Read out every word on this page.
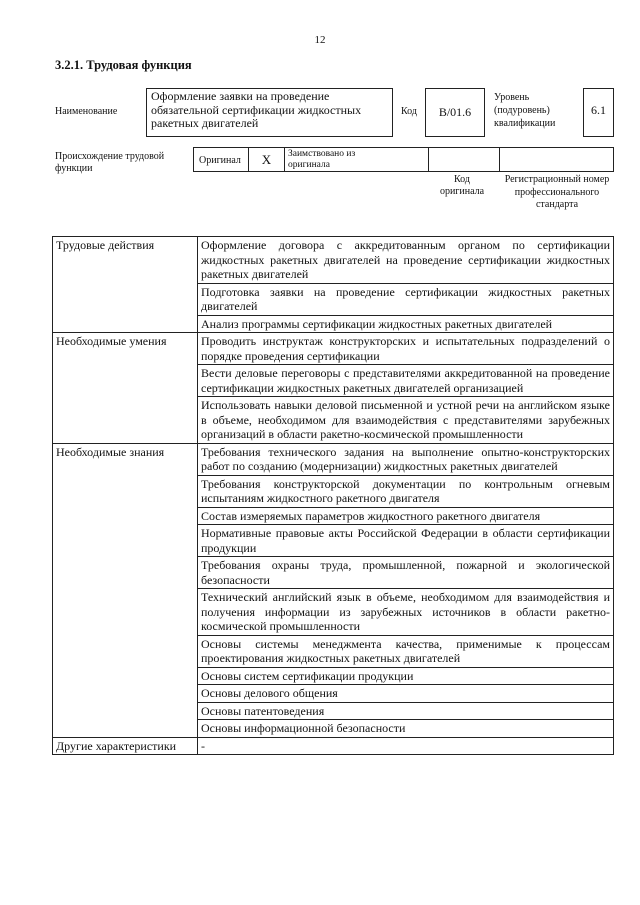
12
3.2.1. Трудовая функция
Наименование
Оформление заявки на проведение обязательной сертификации жидкостных ракетных двигателей
Код	B/01.6
Уровень (подуровень) квалификации
6.1
Происхождение трудовой функции
Оригинал	X	Заимствовано из оригинала
Код оригинала
Регистрационный номер профессионального стандарта
Трудовые действия	Оформление договора с аккредитованным органом по сертификации жидкостных ракетных двигателей на проведение сертификации жидкостных ракетных двигателей
	Подготовка заявки на проведение сертификации жидкостных ракетных двигателей
	Анализ программы сертификации жидкостных ракетных двигателей
Необходимые умения	Проводить инструктаж конструкторских и испытательных подразделений о порядке проведения сертификации
	Вести деловые переговоры с представителями аккредитованной на проведение сертификации жидкостных ракетных двигателей организацией
	Использовать навыки деловой письменной и устной речи на английском языке в объеме, необходимом для взаимодействия с представителями зарубежных организаций в области ракетно-космической промышленности
Необходимые знания	Требования технического задания на выполнение опытно-конструкторских работ по созданию (модернизации) жидкостных ракетных двигателей
	Требования конструкторской документации по контрольным огневым испытаниям жидкостного ракетного двигателя
	Состав измеряемых параметров жидкостного ракетного двигателя
	Нормативные правовые акты Российской Федерации в области сертификации продукции
	Требования охраны труда, промышленной, пожарной и экологической безопасности
	Технический английский язык в объеме, необходимом для взаимодействия и получения информации из зарубежных источников в области ракетно-космической промышленности
	Основы системы менеджмента качества, применимые к процессам проектирования жидкостных ракетных двигателей
	Основы систем сертификации продукции
	Основы делового общения
	Основы патентоведения
	Основы информационной безопасности
Другие характеристики	-
